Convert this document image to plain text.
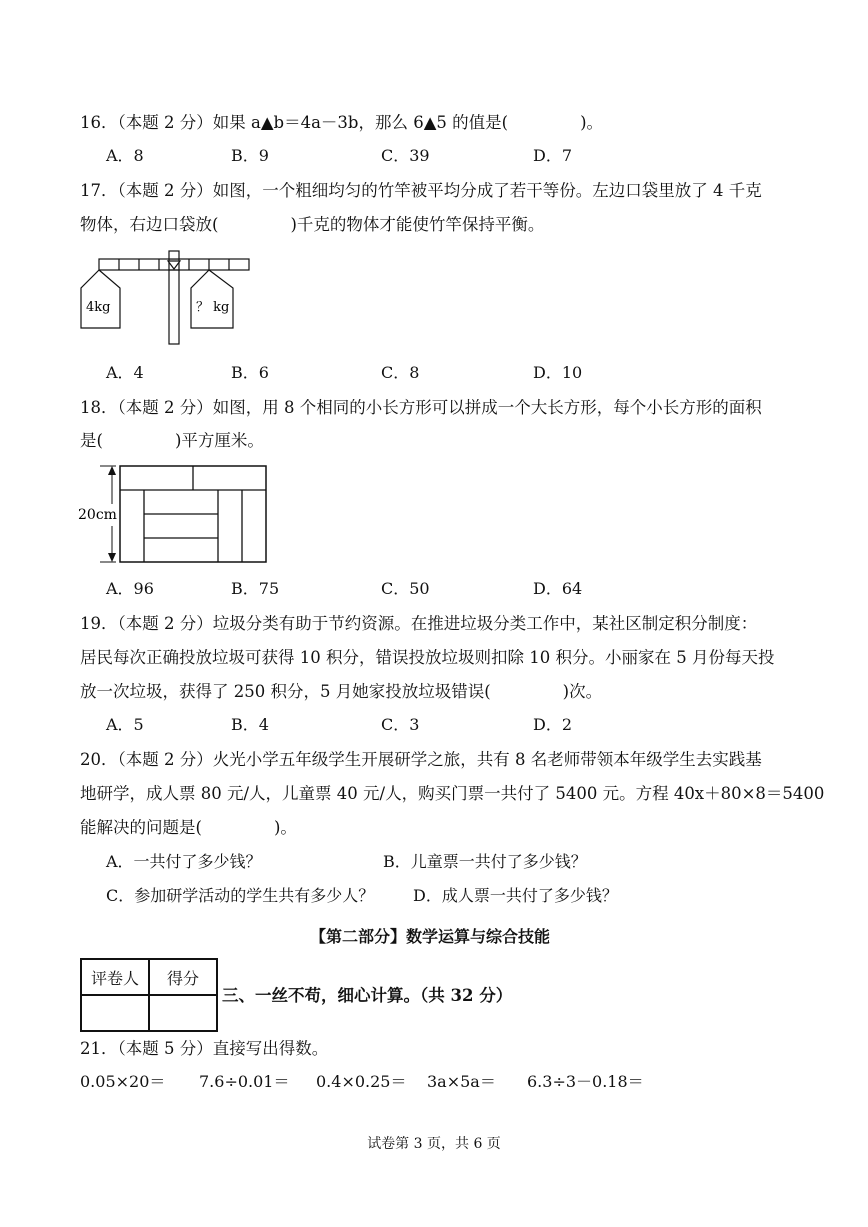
16．（本题 2 分）如果 a▲b＝4a－3b，那么 6▲5 的值是(	)。
A．8	B．9	C．39	D．7
17．（本题 2 分）如图，一个粗细均匀的竹竿被平均分成了若干等份。左边口袋里放了 4 千克
物体，右边口袋放(	)千克的物体才能使竹竿保持平衡。
4kg	？ kg
A．4	B．6	C．8	D．10
18．（本题 2 分）如图，用 8 个相同的小长方形可以拼成一个大长方形，每个小长方形的面积
是(	)平方厘米。
20cm
A．96	B．75	C．50	D．64
19．（本题 2 分）垃圾分类有助于节约资源。在推进垃圾分类工作中，某社区制定积分制度：
居民每次正确投放垃圾可获得 10 积分，错误投放垃圾则扣除 10 积分。小丽家在 5 月份每天投
放一次垃圾，获得了 250 积分，5 月她家投放垃圾错误(	)次。
A．5	B．4	C．3	D．2
20．（本题 2 分）火光小学五年级学生开展研学之旅，共有 8 名老师带领本年级学生去实践基
地研学，成人票 80 元/人，儿童票 40 元/人，购买门票一共付了 5400 元。方程 40x＋80×8＝5400
能解决的问题是(	)。
A．一共付了多少钱？	B．儿童票一共付了多少钱？
C．参加研学活动的学生共有多少人？ D．成人票一共付了多少钱？
【第二部分】数学运算与综合技能
评卷人	得分

三、一丝不苟，细心计算。（共 32 分）
21．（本题 5 分）直接写出得数。
0.05×20＝ 7.6÷0.01＝ 0.4×0.25＝ 3a×5a＝ 6.3÷3－0.18＝
试卷第 3 页，共 6 页
